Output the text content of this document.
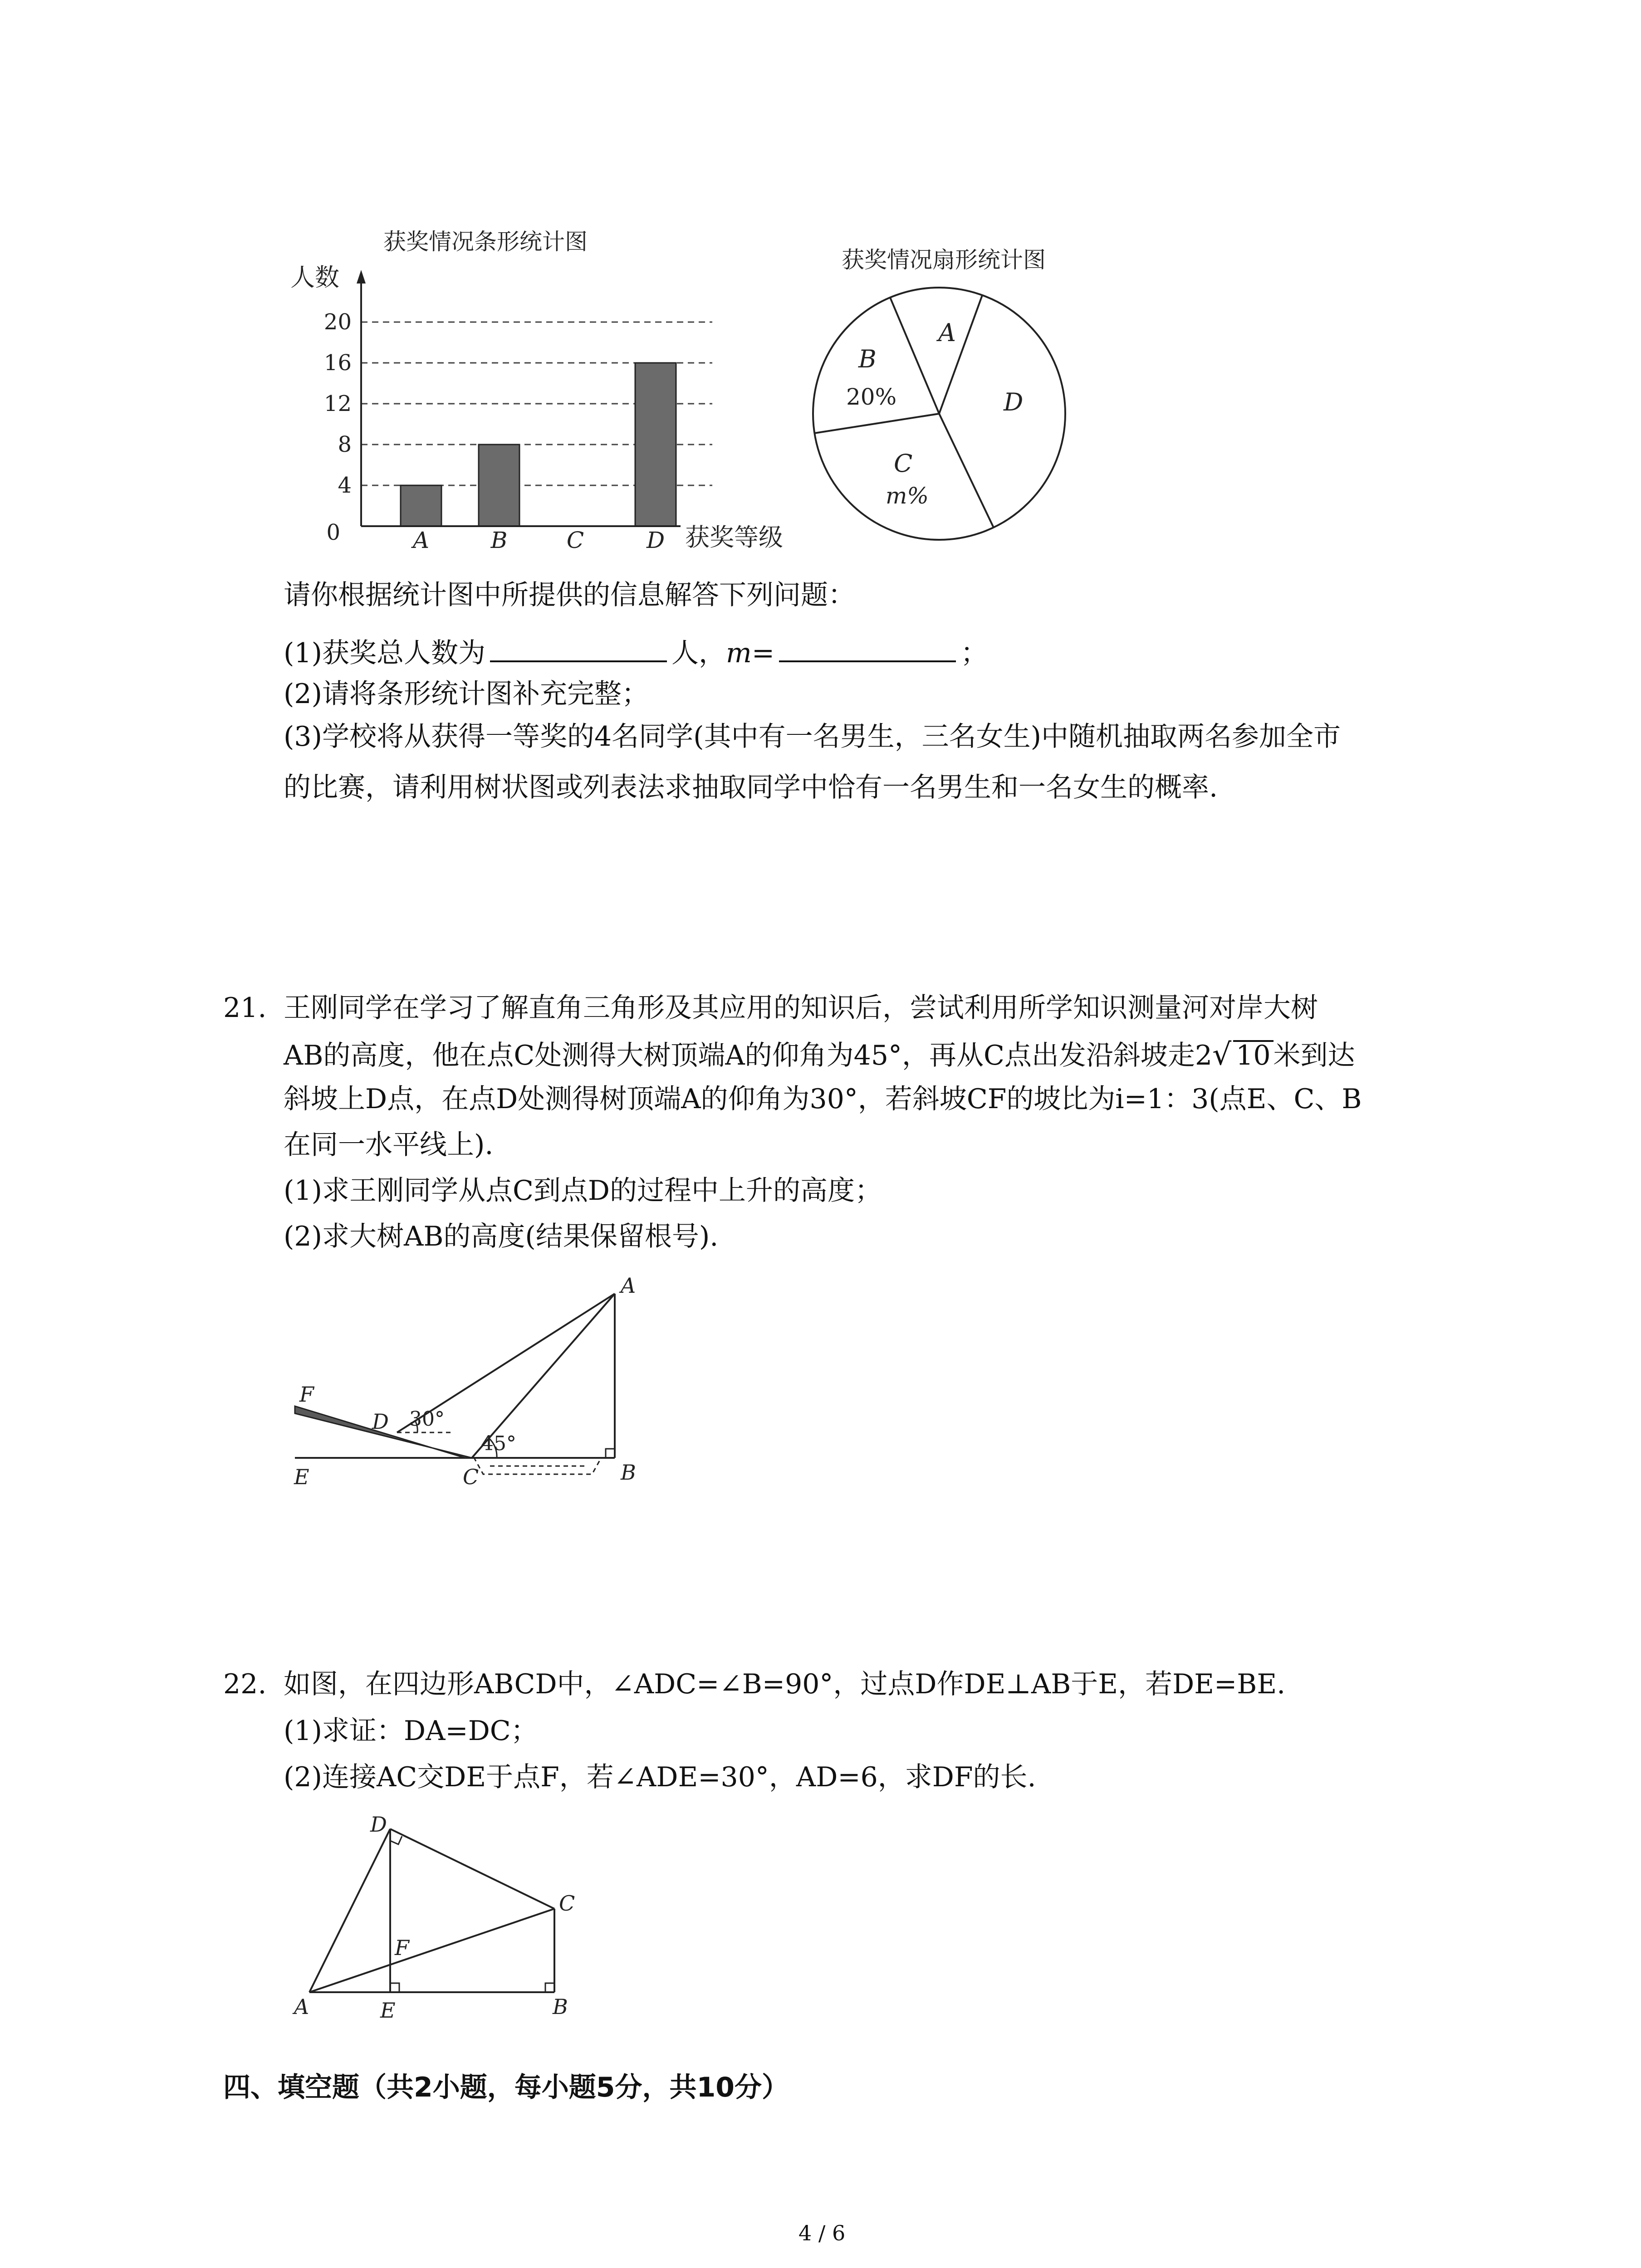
获奖情况条形统计图
人数
0
4
8
12
16
20
A	B	C	D 获奖等级
获奖情况扇形统计图
A
B
20%
C
m%
D
请你根据统计图中所提供的信息解答下列问题：
(1)获奖总人数为	人，m=	；
(2)请将条形统计图补充完整；
(3)学校将从获得一等奖的4名同学(其中有一名男生，三名女生)中随机抽取两名参加全市
的比赛，请利用树状图或列表法求抽取同学中恰有一名男生和一名女生的概率.
21. 王刚同学在学习了解直角三角形及其应用的知识后，尝试利用所学知识测量河对岸大树
AB的高度，他在点C处测得大树顶端A的仰角为45°，再从C点出发沿斜坡走2√ 10 米到达
斜坡上D点，在点D处测得树顶端A的仰角为30°，若斜坡CF的坡比为i=1：3(点E、C、B
在同一水平线上).
(1)求王刚同学从点C到点D的过程中上升的高度；
(2)求大树AB的高度(结果保留根号).
A
B
C
D
E
F
30°
45°
22. 如图，在四边形ABCD中，∠ADC=∠B=90°，过点D作DE⊥AB于E，若DE=BE.
(1)求证：DA=DC；
(2)连接AC交DE于点F，若∠ADE=30°，AD=6，求DF的长.
A	B
C
D
E
F
四、填空题（共2小题，每小题5分，共10分）
4 / 6
